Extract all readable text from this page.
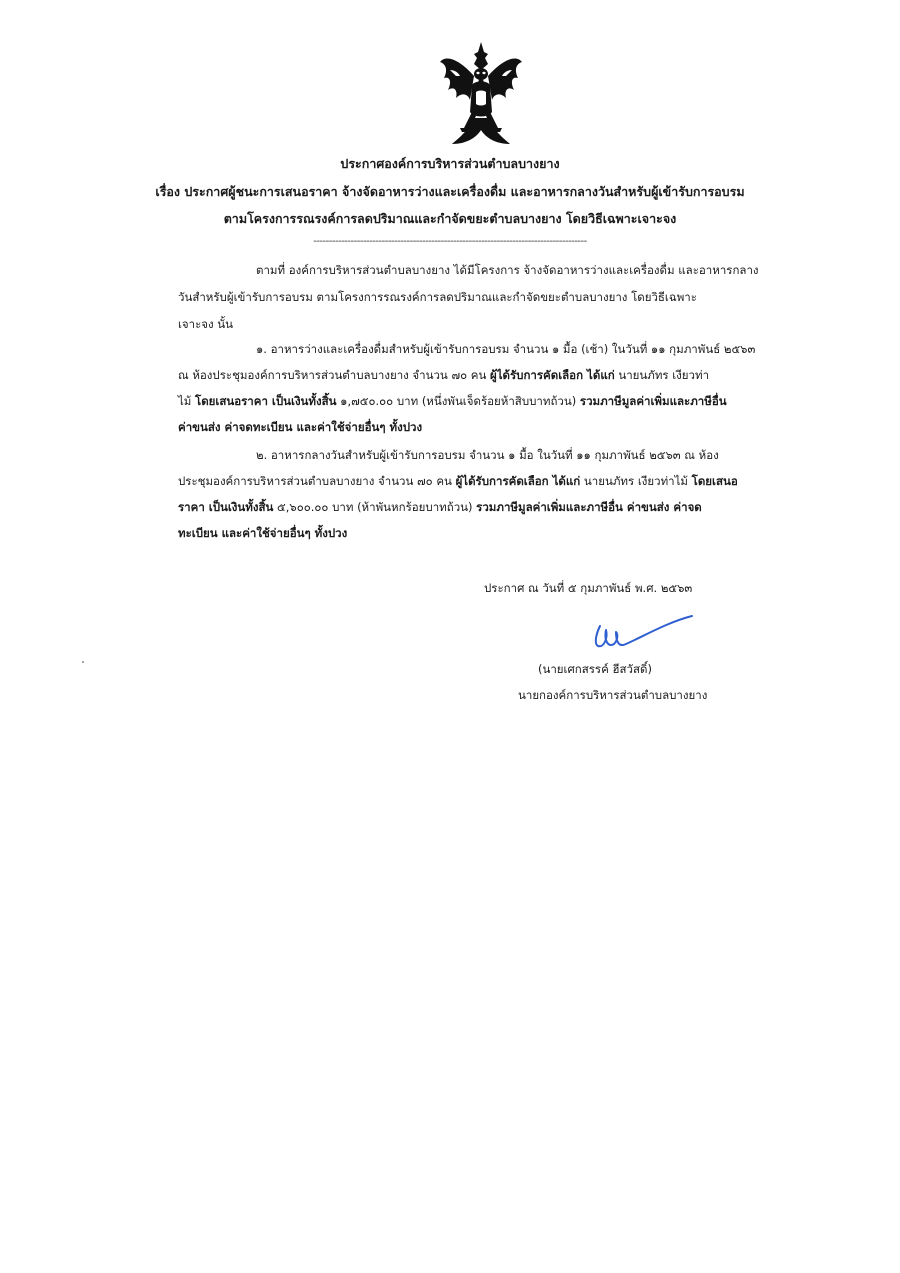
ประกาศองค์การบริหารส่วนตำบลบางยาง
เรื่อง ประกาศผู้ชนะการเสนอราคา จ้างจัดอาหารว่างและเครื่องดื่ม และอาหารกลางวันสำหรับผู้เข้ารับการอบรม
ตามโครงการรณรงค์การลดปริมาณและกำจัดขยะตำบลบางยาง โดยวิธีเฉพาะเจาะจง
----------------------------------------------------------------------------------------
ตามที่ องค์การบริหารส่วนตำบลบางยาง ได้มีโครงการ จ้างจัดอาหารว่างและเครื่องดื่ม และอาหารกลาง
วันสำหรับผู้เข้ารับการอบรม ตามโครงการรณรงค์การลดปริมาณและกำจัดขยะตำบลบางยาง โดยวิธีเฉพาะ
เจาะจง นั้น
๑. อาหารว่างและเครื่องดื่มสำหรับผู้เข้ารับการอบรม จำนวน ๑ มื้อ (เช้า) ในวันที่ ๑๑ กุมภาพันธ์ ๒๕๖๓
ณ ห้องประชุมองค์การบริหารส่วนตำบลบางยาง จำนวน ๗๐ คน ผู้ได้รับการคัดเลือก ได้แก่ นายนภัทร เงียวท่า
ไม้ โดยเสนอราคา เป็นเงินทั้งสิ้น ๑,๗๕๐.๐๐ บาท (หนึ่งพันเจ็ดร้อยห้าสิบบาทถ้วน) รวมภาษีมูลค่าเพิ่มและภาษีอื่น
ค่าขนส่ง ค่าจดทะเบียน และค่าใช้จ่ายอื่นๆ ทั้งปวง
๒. อาหารกลางวันสำหรับผู้เข้ารับการอบรม จำนวน ๑ มื้อ ในวันที่ ๑๑ กุมภาพันธ์ ๒๕๖๓ ณ ห้อง
ประชุมองค์การบริหารส่วนตำบลบางยาง จำนวน ๗๐ คน ผู้ได้รับการคัดเลือก ได้แก่ นายนภัทร เงียวท่าไม้ โดยเสนอ
ราคา เป็นเงินทั้งสิ้น ๕,๖๐๐.๐๐ บาท (ห้าพันหกร้อยบาทถ้วน) รวมภาษีมูลค่าเพิ่มและภาษีอื่น ค่าขนส่ง ค่าจด
ทะเบียน และค่าใช้จ่ายอื่นๆ ทั้งปวง
ประกาศ ณ วันที่ ๕ กุมภาพันธ์ พ.ศ. ๒๕๖๓
(นายเศกสรรค์ ฮีสวัสดิ์)
นายกองค์การบริหารส่วนตำบลบางยาง
